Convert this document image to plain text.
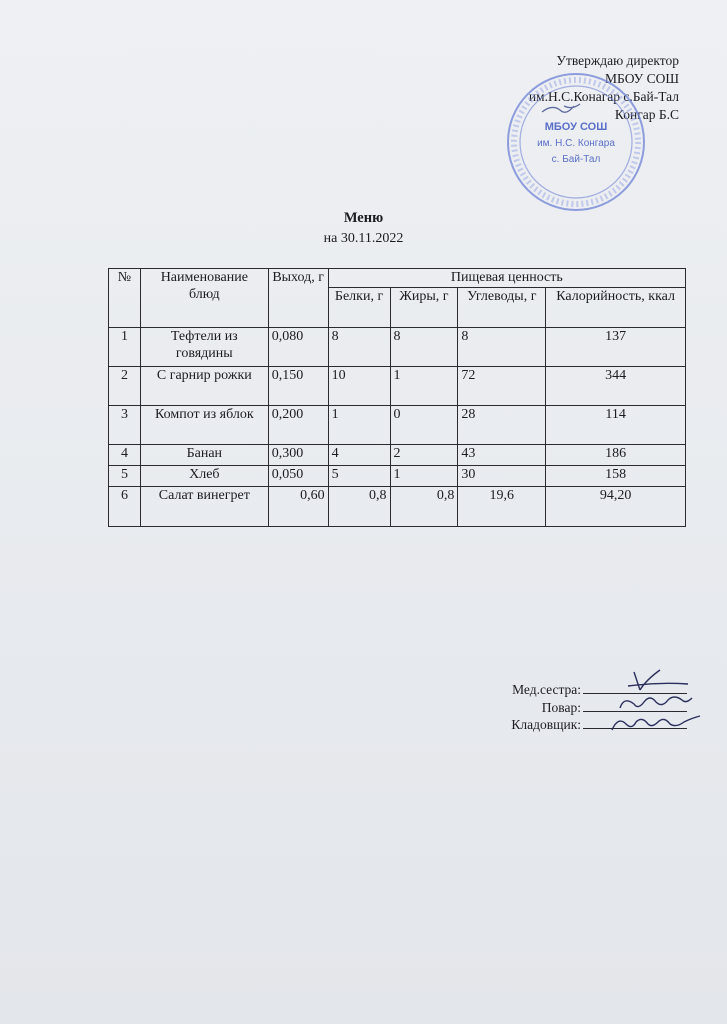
Утверждаю директор
МБОУ СОШ
им.Н.С.Конагар с.Бай-Тал
Конгар Б.С
МБОУ СОШ
им. Н.С. Конгара
с. Бай-Тал
Меню
на 30.11.2022
№	Наименование блюд	Выход, г	Пищевая ценность			
			Белки, г	Жиры, г	Углеводы, г	Калорийность, ккал
1	Тефтели из говядины	0,080	8	8	8	137
2	С гарнир рожки	0,150	10	1	72	344
3	Компот из яблок	0,200	1	0	28	114
4	Банан	0,300	4	2	43	186
5	Хлеб	0,050	5	1	30	158
6	Салат винегрет	0,60	0,8	0,8	19,6	94,20
Мед.сестра:
Повар:
Кладовщик:
